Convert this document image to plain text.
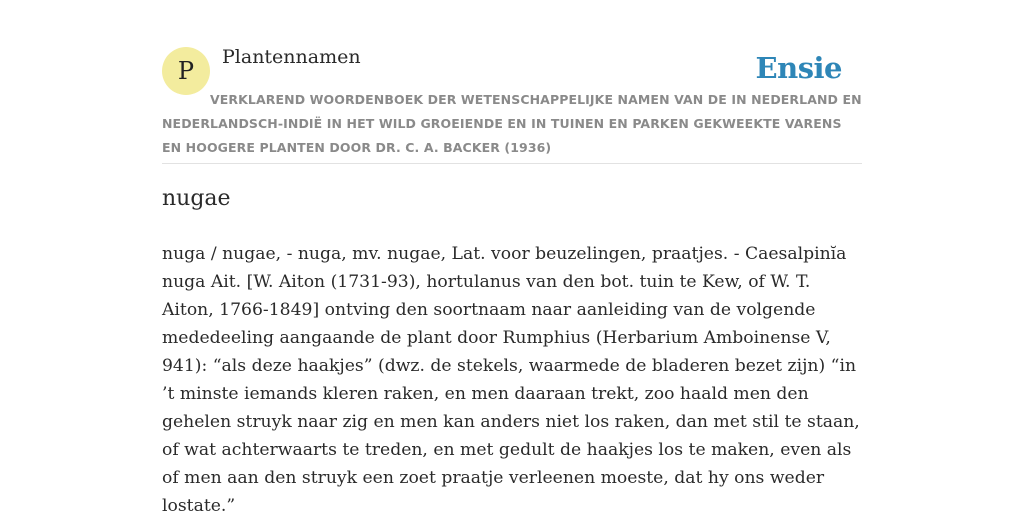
P Plantennamen	Ensie

VERKLAREND WOORDENBOEK DER WETENSCHAPPELIJKE NAMEN VAN DE IN NEDERLAND EN NEDERLANDSCH-INDIË IN HET WILD GROEIENDE EN IN TUINEN EN PARKEN GEKWEEKTE VARENS EN HOOGERE PLANTEN DOOR DR. C. A. BACKER (1936)

nugae

nuga / nugae, - nuga, mv. nugae, Lat. voor beuzelingen, praatjes. - Caesalpinĭa nuga Ait. [W. Aiton (1731-93), hortulanus van den bot. tuin te Kew, of W. T. Aiton, 1766-1849] ontving den soortnaam naar aanleiding van de volgende mededeeling aangaande de plant door Rumphius (Herbarium Amboinense V, 941): “als deze haakjes” (dwz. de stekels, waarmede de bladeren bezet zijn) “in ’t minste iemands kleren raken, en men daaraan trekt, zoo haald men den gehelen struyk naar zig en men kan anders niet los raken, dan met stil te staan, of wat achterwaarts te treden, en met gedult de haakjes los te maken, even als of men aan den struyk een zoet praatje verleenen moeste, dat hy ons weder lostate.”
